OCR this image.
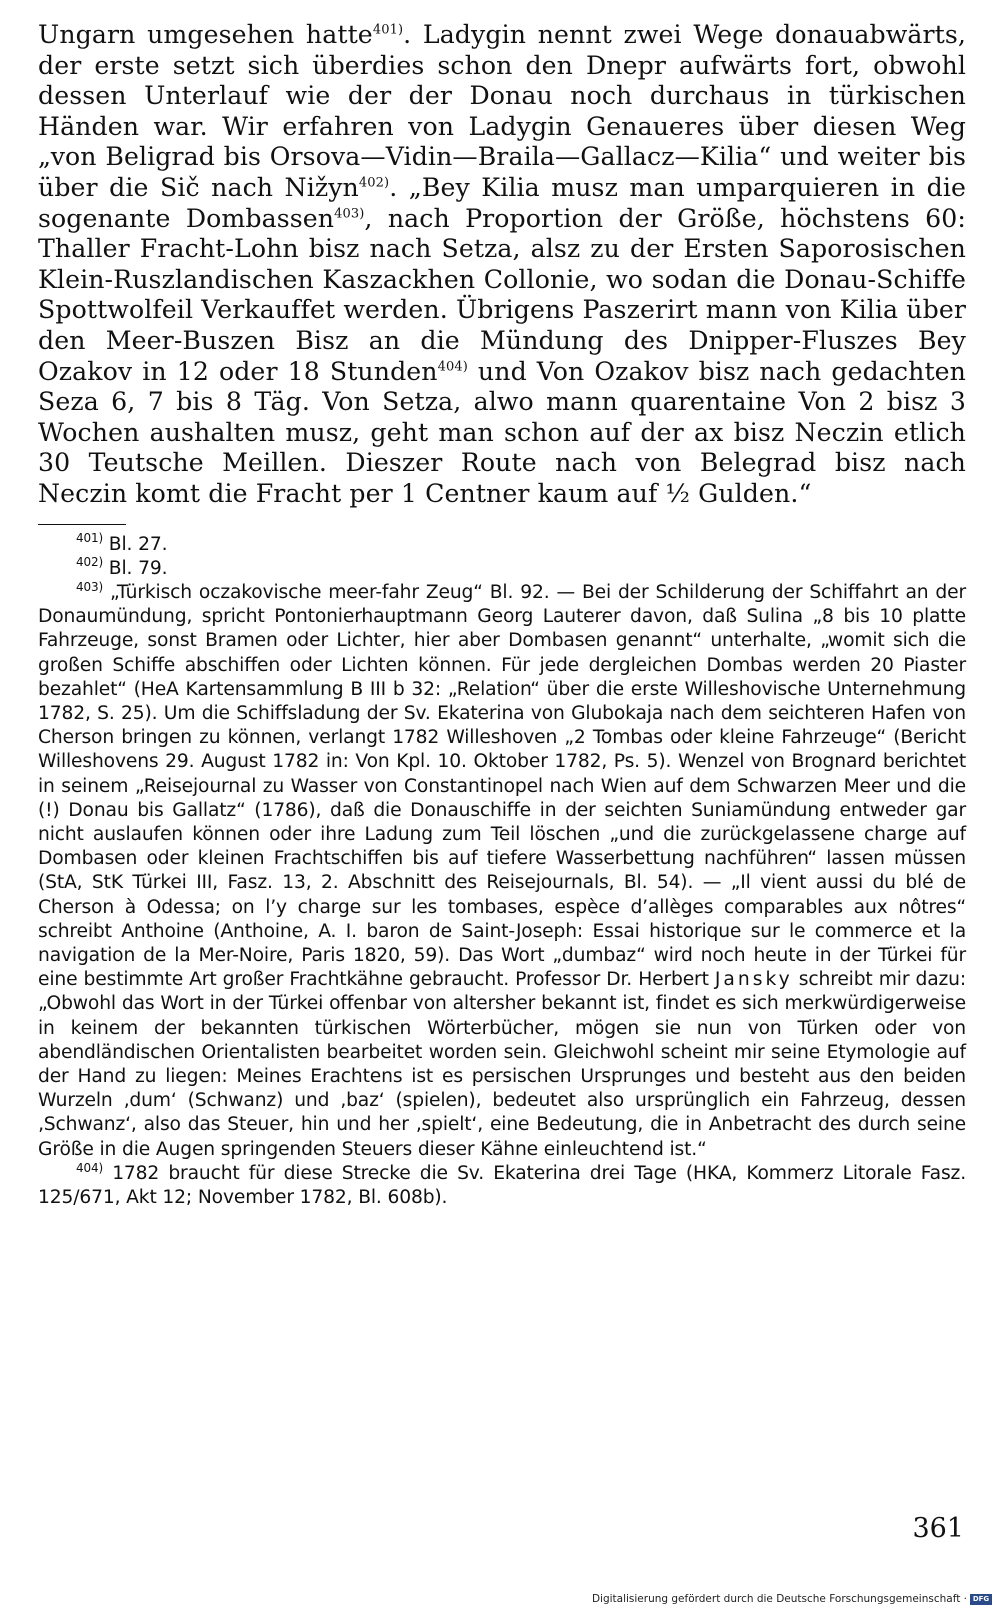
Ungarn umgesehen hatte$^{401)}$. Ladygin nennt zwei Wege donauabwärts, der erste setzt sich überdies schon den Dnepr aufwärts fort, obwohl dessen Unterlauf wie der der Donau noch durchaus in türkischen Händen war. Wir erfahren von Ladygin Genaueres über diesen Weg „von Beligrad bis Orsova—Vidin—Braila—Gallacz—Kilia“ und weiter bis über die Sič nach Nižyn$^{402)}$. „Bey Kilia musz man umparquieren in die sogenante Dombassen$^{403)}$, nach Proportion der Größe, höchstens 60: Thaller Fracht-Lohn bisz nach Setza, alsz zu der Ersten Saporosischen Klein-Ruszlandischen Kaszackhen Collonie, wo sodan die Donau-Schiffe Spottwolfeil Verkauffet werden. Übrigens Paszerirt mann von Kilia über den Meer-Buszen Bisz an die Mündung des Dnipper-Fluszes Bey Ozakov in 12 oder 18 Stunden$^{404)}$ und Von Ozakov bisz nach gedachten Seza 6, 7 bis 8 Täg. Von Setza, alwo mann quarentaine Von 2 bisz 3 Wochen aushalten musz, geht man schon auf der ax bisz Neczin etlich 30 Teutsche Meillen. Dieszer Route nach von Belegrad bisz nach Neczin komt die Fracht per 1 Centner kaum auf ½ Gulden.“

$^{401)}$ Bl. 27.

$^{402)}$ Bl. 79.

$^{403)}$ „Türkisch oczakovische meer-fahr Zeug“ Bl. 92. — Bei der Schilderung der Schiffahrt an der Donaumündung, spricht Pontonierhauptmann Georg Lauterer davon, daß Sulina „8 bis 10 platte Fahrzeuge, sonst Bramen oder Lichter, hier aber Dombasen genannt“ unterhalte, „womit sich die großen Schiffe abschiffen oder Lichten können. Für jede dergleichen Dombas werden 20 Piaster bezahlet“ (HeA Kartensammlung B III b 32: „Relation“ über die erste Willeshovische Unternehmung 1782, S. 25). Um die Schiffsladung der Sv. Ekaterina von Glubokaja nach dem seichteren Hafen von Cherson bringen zu können, verlangt 1782 Willeshoven „2 Tombas oder kleine Fahrzeuge“ (Bericht Willeshovens 29. August 1782 in: Von Kpl. 10. Oktober 1782, Ps. 5). Wenzel von Brognard berichtet in seinem „Reisejournal zu Wasser von Constantinopel nach Wien auf dem Schwarzen Meer und die (!) Donau bis Gallatz“ (1786), daß die Donauschiffe in der seichten Suniamündung entweder gar nicht auslaufen können oder ihre Ladung zum Teil löschen „und die zurückgelassene charge auf Dombasen oder kleinen Frachtschiffen bis auf tiefere Wasserbettung nachführen“ lassen müssen (StA, StK Türkei III, Fasz. 13, 2. Abschnitt des Reisejournals, Bl. 54). — „Il vient aussi du blé de Cherson à Odessa; on l’y charge sur les tombases, espèce d’allèges comparables aux nôtres“ schreibt Anthoine (Anthoine, A. I. baron de Saint-Joseph: Essai historique sur le commerce et la navigation de la Mer-Noire, Paris 1820, 59). Das Wort „dumbaz“ wird noch heute in der Türkei für eine bestimmte Art großer Frachtkähne gebraucht. Professor Dr. Herbert Jansky schreibt mir dazu: „Obwohl das Wort in der Türkei offenbar von altersher bekannt ist, findet es sich merkwürdigerweise in keinem der bekannten türkischen Wörterbücher, mögen sie nun von Türken oder von abendländischen Orientalisten bearbeitet worden sein. Gleichwohl scheint mir seine Etymologie auf der Hand zu liegen: Meines Erachtens ist es persischen Ursprunges und besteht aus den beiden Wurzeln ‚dum‘ (Schwanz) und ‚baz‘ (spielen), bedeutet also ursprünglich ein Fahrzeug, dessen ‚Schwanz‘, also das Steuer, hin und her ‚spielt‘, eine Bedeutung, die in Anbetracht des durch seine Größe in die Augen springenden Steuers dieser Kähne einleuchtend ist.“

$^{404)}$ 1782 braucht für diese Strecke die Sv. Ekaterina drei Tage (HKA, Kommerz Litorale Fasz. 125/671, Akt 12; November 1782, Bl. 608b).

361
Digitalisierung gefördert durch die Deutsche Forschungsgemeinschaft · DFG
